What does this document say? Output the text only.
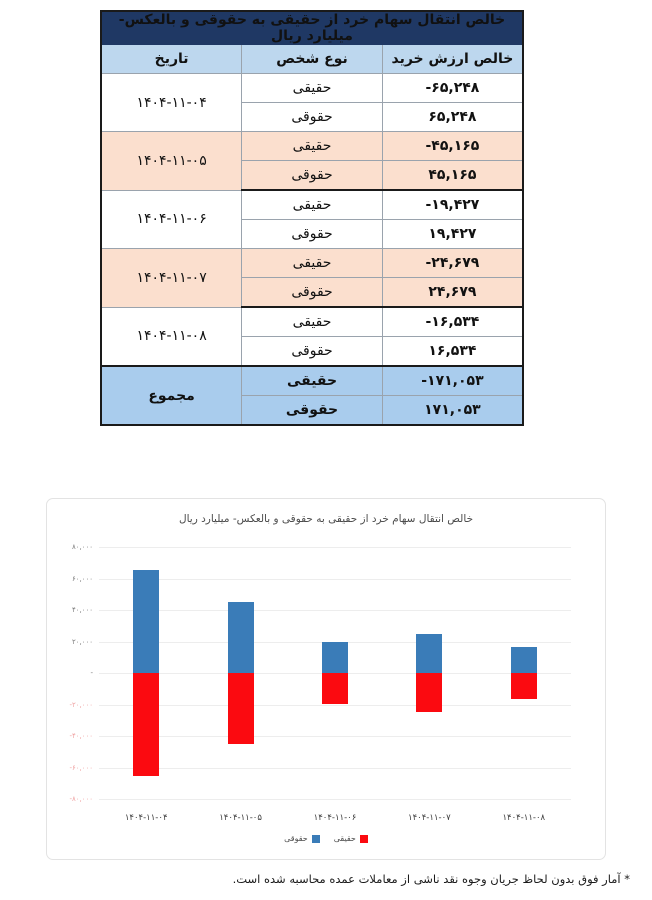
خالص انتقال سهام خرد از حقیقی به حقوقی و بالعکس- میلیارد ریال		
خالص ارزش خرید	نوع شخص	تاریخ
-۶۵,۲۴۸	حقیقی	۱۴۰۴-۱۱-۰۴
۶۵,۲۴۸	حقوقی	
-۴۵,۱۶۵	حقیقی	۱۴۰۴-۱۱-۰۵
۴۵,۱۶۵	حقوقی	
-۱۹,۴۲۷	حقیقی	۱۴۰۴-۱۱-۰۶
۱۹,۴۲۷	حقوقی	
-۲۴,۶۷۹	حقیقی	۱۴۰۴-۱۱-۰۷
۲۴,۶۷۹	حقوقی	
-۱۶,۵۳۴	حقیقی	۱۴۰۴-۱۱-۰۸
۱۶,۵۳۴	حقوقی	
-۱۷۱,۰۵۳	حقیقی	مجموع
۱۷۱,۰۵۳	حقوقی	
خالص انتقال سهام خرد از حقیقی به حقوقی و بالعکس- میلیارد ریال
۸۰,۰۰۰
۶۰,۰۰۰
۴۰,۰۰۰
۲۰,۰۰۰
-
-۲۰,۰۰۰
-۴۰,۰۰۰
-۶۰,۰۰۰
-۸۰,۰۰۰
۱۴۰۴-۱۱-۰۴	۱۴۰۴-۱۱-۰۵	۱۴۰۴-۱۱-۰۶	۱۴۰۴-۱۱-۰۷	۱۴۰۴-۱۱-۰۸
حقیقی
حقوقی
* آمار فوق بدون لحاظ جریان وجوه نقد ناشی از معاملات عمده محاسبه شده است.
